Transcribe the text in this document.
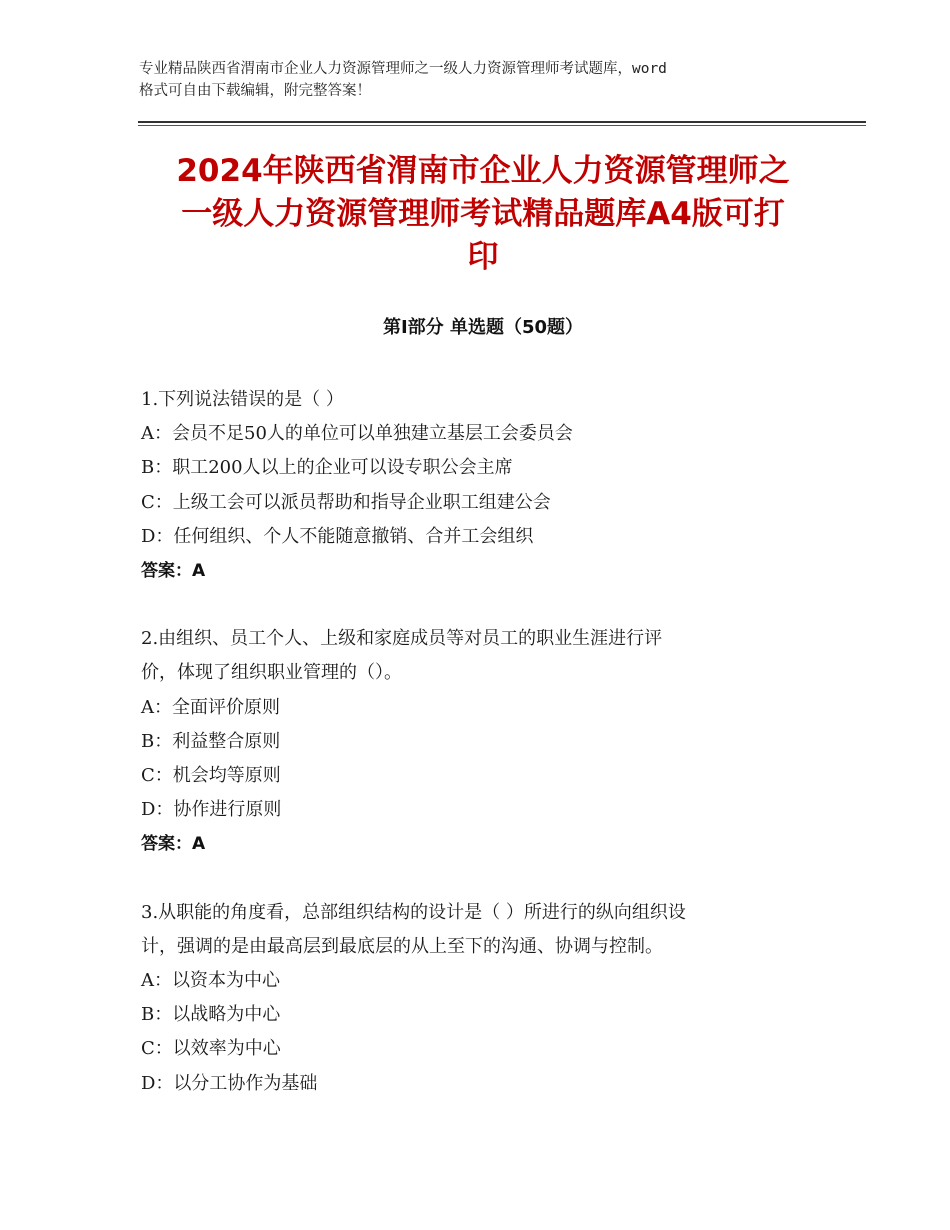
专业精品陕西省渭南市企业人力资源管理师之一级人力资源管理师考试题库，word
格式可自由下载编辑，附完整答案！
2024年陕西省渭南市企业人力资源管理师之
一级人力资源管理师考试精品题库A4版可打
印
第Ⅰ部分 单选题（50题）
1.下列说法错误的是（ ）
A：会员不足50人的单位可以单独建立基层工会委员会
B：职工200人以上的企业可以设专职公会主席
C：上级工会可以派员帮助和指导企业职工组建公会
D：任何组织、个人不能随意撤销、合并工会组织
答案：A
2.由组织、员工个人、上级和家庭成员等对员工的职业生涯进行评
价，体现了组织职业管理的（）。
A：全面评价原则
B：利益整合原则
C：机会均等原则
D：协作进行原则
答案：A
3.从职能的角度看，总部组织结构的设计是（ ）所进行的纵向组织设
计，强调的是由最高层到最底层的从上至下的沟通、协调与控制。
A：以资本为中心
B：以战略为中心
C：以效率为中心
D：以分工协作为基础
